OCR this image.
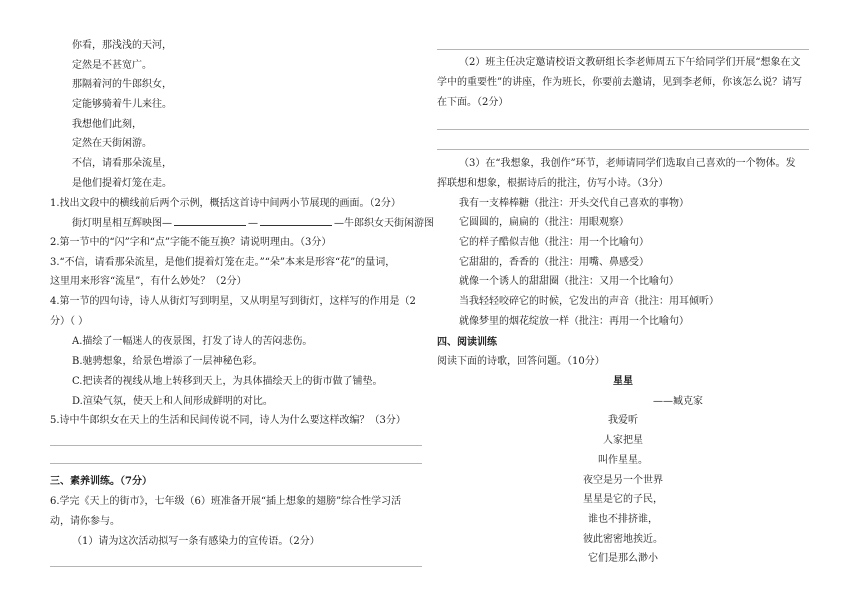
你看，那浅浅的天河，
定然是不甚宽广。
那隔着河的牛郎织女，
定能够骑着牛儿来往。
我想他们此刻，
定然在天街闲游。
不信，请看那朵流星，
是他们提着灯笼在走。
1.找出文段中的横线前后两个示例，概括这首诗中间两小节展现的画面。（2分）
街灯明星相互辉映图—	—	—牛郎织女天街闲游图
2.第一节中的“闪”字和“点”字能不能互换？请说明理由。（3分）
3.“不信，请看那朵流星，是他们提着灯笼在走。”“朵”本来是形容“花”的量词，
这里用来形容“流星”，有什么妙处？（2分）
4.第一节的四句诗，诗人从街灯写到明星，又从明星写到街灯，这样写的作用是（2
分）（ ）
A.描绘了一幅迷人的夜景图，打发了诗人的苦闷悲伤。
B.驰骋想象，给景色增添了一层神秘色彩。
C.把读者的视线从地上转移到天上，为具体描绘天上的街市做了铺垫。
D.渲染气氛，使天上和人间形成鲜明的对比。
5.诗中牛郎织女在天上的生活和民间传说不同，诗人为什么要这样改编？（3分）
三、素养训练。（7分）
6.学完《天上的街市》，七年级（6）班准备开展“插上想象的翅膀”综合性学习活
动，请你参与。
（1）请为这次活动拟写一条有感染力的宣传语。（2分）
（2）班主任决定邀请校语文教研组长李老师周五下午给同学们开展“想象在文
学中的重要性”的讲座，作为班长，你要前去邀请，见到李老师，你该怎么说？请写
在下面。（2分）
（3）在“我想象，我创作”环节，老师请同学们选取自己喜欢的一个物体。发
挥联想和想象，根据诗后的批注，仿写小诗。（3分）
我有一支棒棒糖（批注：开头交代自己喜欢的事物）
它圆圆的，扁扁的（批注：用眼观察）
它的样子酷似吉他（批注：用一个比喻句）
它甜甜的，香香的（批注：用嘴、鼻感受）
就像一个诱人的甜甜圈（批注：又用一个比喻句）
当我轻轻咬碎它的时候，它发出的声音（批注：用耳倾听）
就像梦里的烟花绽放一样（批注：再用一个比喻句）
四、阅读训练
阅读下面的诗歌，回答问题。（10分）
星星
——臧克家
我爱听
人家把星
叫作星星。
夜空是另一个世界
星星是它的子民，
谁也不排挤谁，
彼此密密地挨近。
它们是那么渺小
